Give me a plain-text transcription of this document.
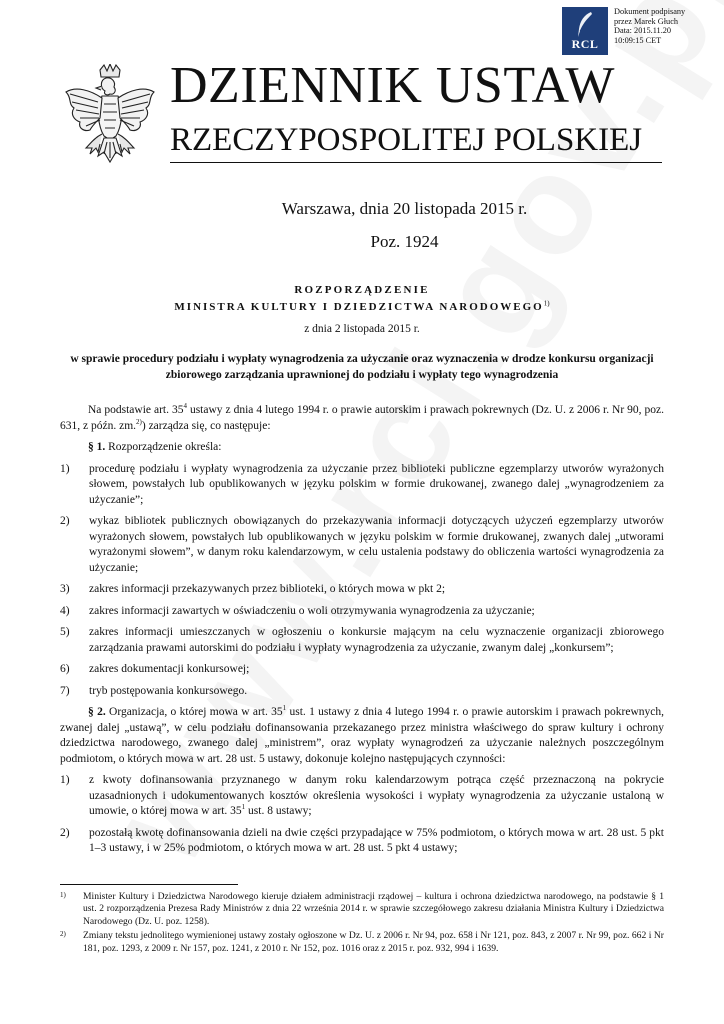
RCL
Dokument podpisany
przez Marek Głuch
Data: 2015.11.20
10:09:15 CET
DZIENNIK USTAW
RZECZYPOSPOLITEJ POLSKIEJ
Warszawa, dnia 20 listopada 2015 r.
Poz. 1924
ROZPORZĄDZENIE
MINISTRA KULTURY I DZIEDZICTWA NARODOWEGO$^{1)}$
z dnia 2 listopada 2015 r.
w sprawie procedury podziału i wypłaty wynagrodzenia za użyczanie oraz wyznaczenia w drodze konkursu organizacji zbiorowego zarządzania uprawnionej do podziału i wypłaty tego wynagrodzenia

Na podstawie art. $35^4$ ustawy z dnia 4 lutego 1994 r. o prawie autorskim i prawach pokrewnych (Dz. U. z 2006 r. Nr 90, poz. 631, z późn. zm.$^{2)}$) zarządza się, co następuje:

§ 1. Rozporządzenie określa:

1) procedurę podziału i wypłaty wynagrodzenia za użyczanie przez biblioteki publiczne egzemplarzy utworów wyrażonych słowem, powstałych lub opublikowanych w języku polskim w formie drukowanej, zwanego dalej „wynagrodzeniem za użyczanie”;
2) wykaz bibliotek publicznych obowiązanych do przekazywania informacji dotyczących użyczeń egzemplarzy utworów wyrażonych słowem, powstałych lub opublikowanych w języku polskim w formie drukowanej, zwanych dalej „utworami wyrażonymi słowem”, w danym roku kalendarzowym, w celu ustalenia podstawy do obliczenia wartości wynagrodzenia za użyczanie;
3) zakres informacji przekazywanych przez biblioteki, o których mowa w pkt 2;
4) zakres informacji zawartych w oświadczeniu o woli otrzymywania wynagrodzenia za użyczanie;
5) zakres informacji umieszczanych w ogłoszeniu o konkursie mającym na celu wyznaczenie organizacji zbiorowego zarządzania prawami autorskimi do podziału i wypłaty wynagrodzenia za użyczanie, zwanym dalej „konkursem”;
6) zakres dokumentacji konkursowej;
7) tryb postępowania konkursowego.

§ 2. Organizacja, o której mowa w art. $35^1$ ust. 1 ustawy z dnia 4 lutego 1994 r. o prawie autorskim i prawach pokrewnych, zwanej dalej „ustawą”, w celu podziału dofinansowania przekazanego przez ministra właściwego do spraw kultury i ochrony dziedzictwa narodowego, zwanego dalej „ministrem”, oraz wypłaty wynagrodzeń za użyczanie należnych poszczególnym podmiotom, o których mowa w art. 28 ust. 5 ustawy, dokonuje kolejno następujących czynności:

1) z kwoty dofinansowania przyznanego w danym roku kalendarzowym potrąca część przeznaczoną na pokrycie uzasadnionych i udokumentowanych kosztów określenia wysokości i wypłaty wynagrodzenia za użyczanie ustaloną w umowie, o której mowa w art. $35^1$ ust. 8 ustawy;
2) pozostałą kwotę dofinansowania dzieli na dwie części przypadające w 75% podmiotom, o których mowa w art. 28 ust. 5 pkt 1–3 ustawy, i w 25% podmiotom, o których mowa w art. 28 ust. 5 pkt 4 ustawy;
1) Minister Kultury i Dziedzictwa Narodowego kieruje działem administracji rządowej – kultura i ochrona dziedzictwa narodowego, na podstawie § 1 ust. 2 rozporządzenia Prezesa Rady Ministrów z dnia 22 września 2014 r. w sprawie szczegółowego zakresu działania Ministra Kultury i Dziedzictwa Narodowego (Dz. U. poz. 1258).
2) Zmiany tekstu jednolitego wymienionej ustawy zostały ogłoszone w Dz. U. z 2006 r. Nr 94, poz. 658 i Nr 121, poz. 843, z 2007 r. Nr 99, poz. 662 i Nr 181, poz. 1293, z 2009 r. Nr 157, poz. 1241, z 2010 r. Nr 152, poz. 1016 oraz z 2015 r. poz. 932, 994 i 1639.
